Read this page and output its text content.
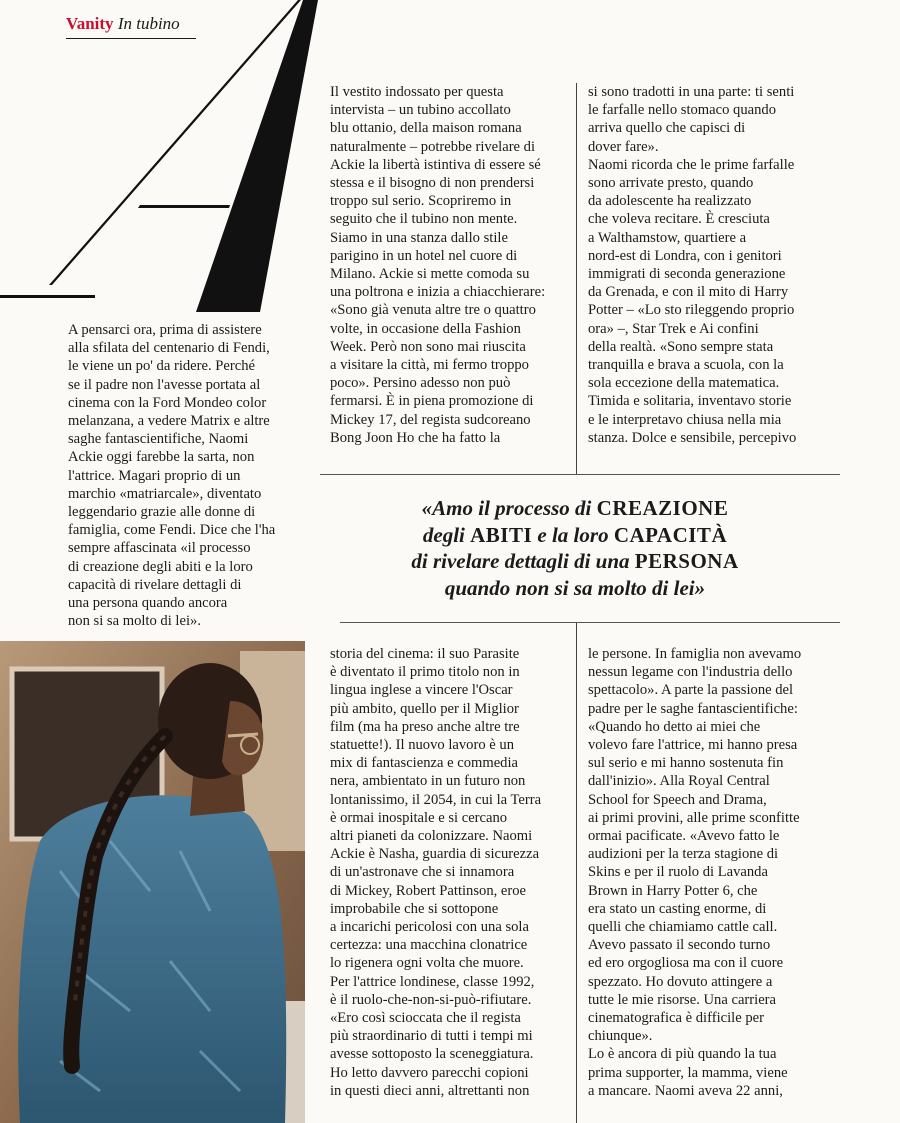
Vanity In tubino

A pensarci ora, prima di assistere
alla sfilata del centenario di Fendi,
le viene un po' da ridere. Perché
se il padre non l'avesse portata al
cinema con la Ford Mondeo color
melanzana, a vedere Matrix e altre
saghe fantascientifiche, Naomi
Ackie oggi farebbe la sarta, non
l'attrice. Magari proprio di un
marchio «matriarcale», diventato
leggendario grazie alle donne di
famiglia, come Fendi. Dice che l'ha
sempre affascinata «il processo
di creazione degli abiti e la loro
capacità di rivelare dettagli di
una persona quando ancora
non si sa molto di lei».

Il vestito indossato per questa
intervista – un tubino accollato
blu ottanio, della maison romana
naturalmente – potrebbe rivelare di
Ackie la libertà istintiva di essere sé
stessa e il bisogno di non prendersi
troppo sul serio. Scopriremo in
seguito che il tubino non mente.
Siamo in una stanza dallo stile
parigino in un hotel nel cuore di
Milano. Ackie si mette comoda su
una poltrona e inizia a chiacchierare:
«Sono già venuta altre tre o quattro
volte, in occasione della Fashion
Week. Però non sono mai riuscita
a visitare la città, mi fermo troppo
poco». Persino adesso non può
fermarsi. È in piena promozione di
Mickey 17, del regista sudcoreano
Bong Joon Ho che ha fatto la

si sono tradotti in una parte: ti senti
le farfalle nello stomaco quando
arriva quello che capisci di
dover fare».
Naomi ricorda che le prime farfalle
sono arrivate presto, quando
da adolescente ha realizzato
che voleva recitare. È cresciuta
a Walthamstow, quartiere a
nord-est di Londra, con i genitori
immigrati di seconda generazione
da Grenada, e con il mito di Harry
Potter – «Lo sto rileggendo proprio
ora» –, Star Trek e Ai confini
della realtà. «Sono sempre stata
tranquilla e brava a scuola, con la
sola eccezione della matematica.
Timida e solitaria, inventavo storie
e le interpretavo chiusa nella mia
stanza. Dolce e sensibile, percepivo

«Amo il processo di CREAZIONE
degli ABITI e la loro CAPACITÀ
di rivelare dettagli di una PERSONA
quando non si sa molto di lei»

storia del cinema: il suo Parasite
è diventato il primo titolo non in
lingua inglese a vincere l'Oscar
più ambito, quello per il Miglior
film (ma ha preso anche altre tre
statuette!). Il nuovo lavoro è un
mix di fantascienza e commedia
nera, ambientato in un futuro non
lontanissimo, il 2054, in cui la Terra
è ormai inospitale e si cercano
altri pianeti da colonizzare. Naomi
Ackie è Nasha, guardia di sicurezza
di un'astronave che si innamora
di Mickey, Robert Pattinson, eroe
improbabile che si sottopone
a incarichi pericolosi con una sola
certezza: una macchina clonatrice
lo rigenera ogni volta che muore.
Per l'attrice londinese, classe 1992,
è il ruolo-che-non-si-può-rifiutare.
«Ero così scioccata che il regista
più straordinario di tutti i tempi mi
avesse sottoposto la sceneggiatura.
Ho letto davvero parecchi copioni
in questi dieci anni, altrettanti non

le persone. In famiglia non avevamo
nessun legame con l'industria dello
spettacolo». A parte la passione del
padre per le saghe fantascientifiche:
«Quando ho detto ai miei che
volevo fare l'attrice, mi hanno presa
sul serio e mi hanno sostenuta fin
dall'inizio». Alla Royal Central
School for Speech and Drama,
ai primi provini, alle prime sconfitte
ormai pacificate. «Avevo fatto le
audizioni per la terza stagione di
Skins e per il ruolo di Lavanda
Brown in Harry Potter 6, che
era stato un casting enorme, di
quelli che chiamiamo cattle call.
Avevo passato il secondo turno
ed ero orgogliosa ma con il cuore
spezzato. Ho dovuto attingere a
tutte le mie risorse. Una carriera
cinematografica è difficile per
chiunque».
Lo è ancora di più quando la tua
prima supporter, la mamma, viene
a mancare. Naomi aveva 22 anni,
